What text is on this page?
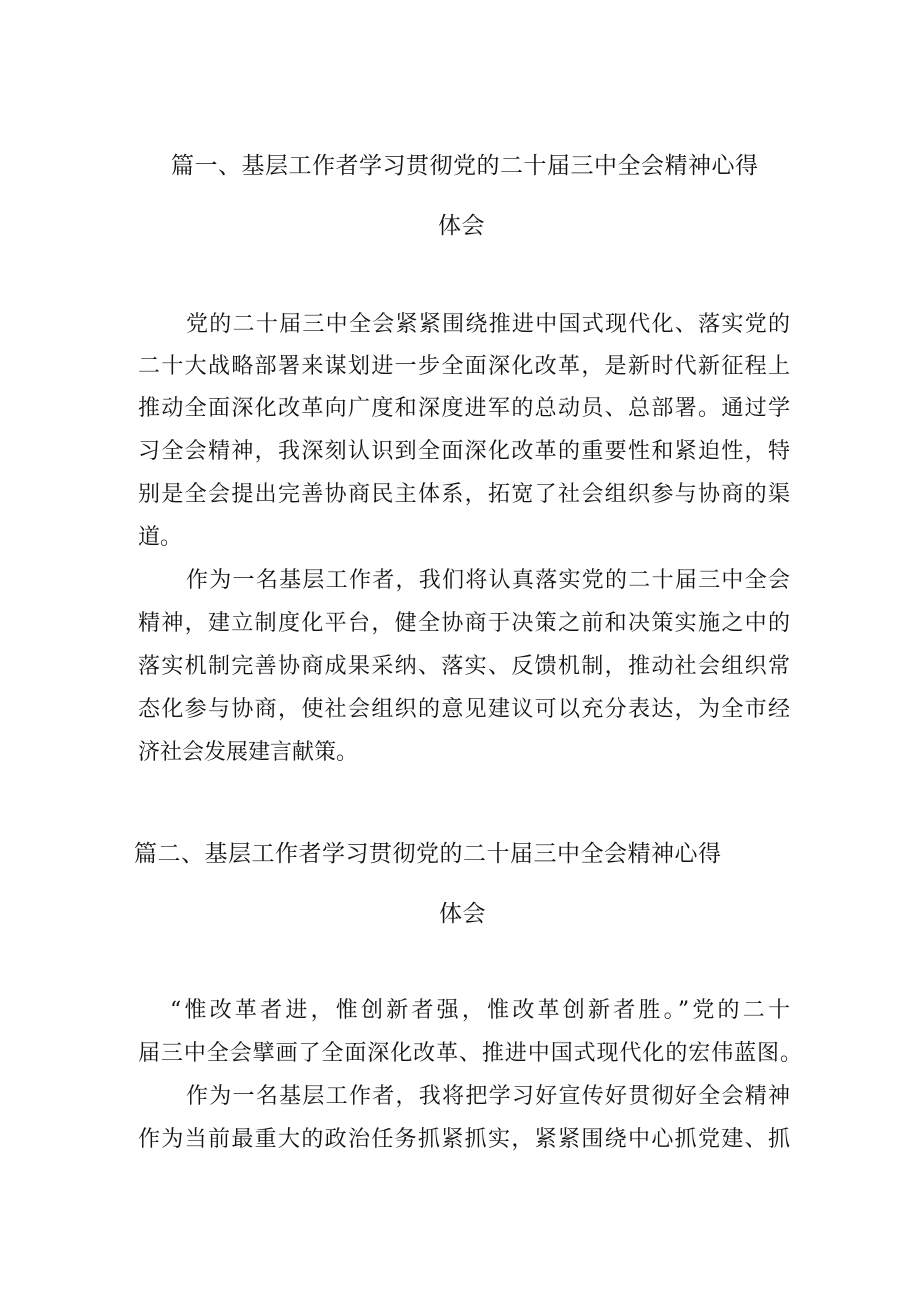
篇一、基层工作者学习贯彻党的二十届三中全会精神心得
体会

党的二十届三中全会紧紧围绕推进中国式现代化、落实党的

二十大战略部署来谋划进一步全面深化改革，是新时代新征程上

推动全面深化改革向广度和深度进军的总动员、总部署。通过学

习全会精神，我深刻认识到全面深化改革的重要性和紧迫性，特

别是全会提出完善协商民主体系，拓宽了社会组织参与协商的渠

道。

作为一名基层工作者，我们将认真落实党的二十届三中全会

精神，建立制度化平台，健全协商于决策之前和决策实施之中的

落实机制完善协商成果采纳、落实、反馈机制，推动社会组织常

态化参与协商，使社会组织的意见建议可以充分表达，为全市经

济社会发展建言献策。

篇二、基层工作者学习贯彻党的二十届三中全会精神心得
体会

“惟改革者进，惟创新者强，惟改革创新者胜。”党的二十

届三中全会擘画了全面深化改革、推进中国式现代化的宏伟蓝图。

作为一名基层工作者，我将把学习好宣传好贯彻好全会精神

作为当前最重大的政治任务抓紧抓实，紧紧围绕中心抓党建、抓
